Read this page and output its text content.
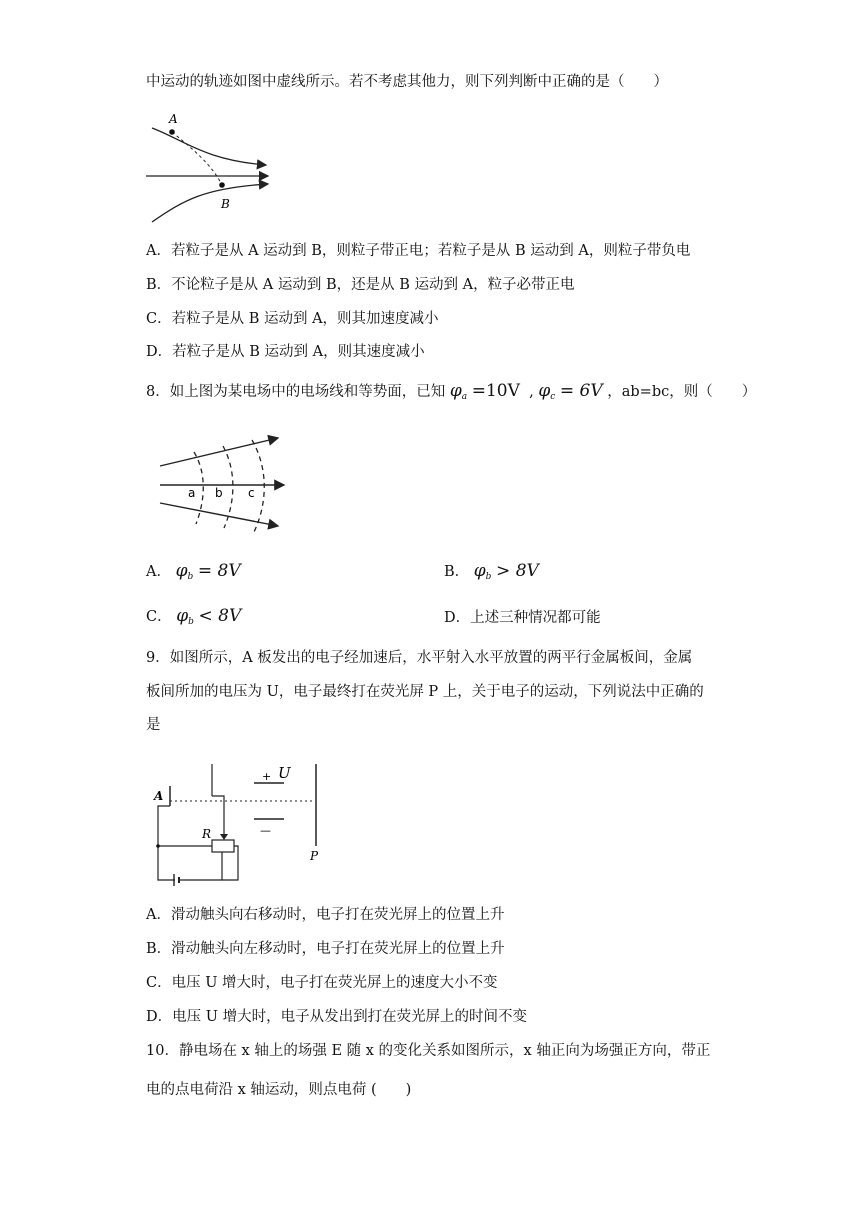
中运动的轨迹如图中虚线所示。若不考虑其他力，则下列判断中正确的是（　　）
A
B
A．若粒子是从 A 运动到 B，则粒子带正电；若粒子是从 B 运动到 A，则粒子带负电
B．不论粒子是从 A 运动到 B，还是从 B 运动到 A，粒子必带正电
C．若粒子是从 B 运动到 A，则其加速度减小
D．若粒子是从 B 运动到 A，则其速度减小
8．如上图为某电场中的电场线和等势面，已知 $\varphi_a =10V$  , $\varphi_c = 6V$ ，ab=bc，则（　　）
a b c
A． $\varphi_b = 8V$	B． $\varphi_b > 8V$
C． $\varphi_b < 8V$	D．上述三种情况都可能
9．如图所示，A 板发出的电子经加速后，水平射入水平放置的两平行金属板间，金属
板间所加的电压为 U，电子最终打在荧光屏 P 上，关于电子的运动，下列说法中正确的
是
A
+ U
—
P
R
A．滑动触头向右移动时，电子打在荧光屏上的位置上升
B．滑动触头向左移动时，电子打在荧光屏上的位置上升
C．电压 U 增大时，电子打在荧光屏上的速度大小不变
D．电压 U 增大时，电子从发出到打在荧光屏上的时间不变
10．静电场在 x 轴上的场强 E 随 x 的变化关系如图所示，x 轴正向为场强正方向，带正
电的点电荷沿 x 轴运动，则点电荷 (　　)
